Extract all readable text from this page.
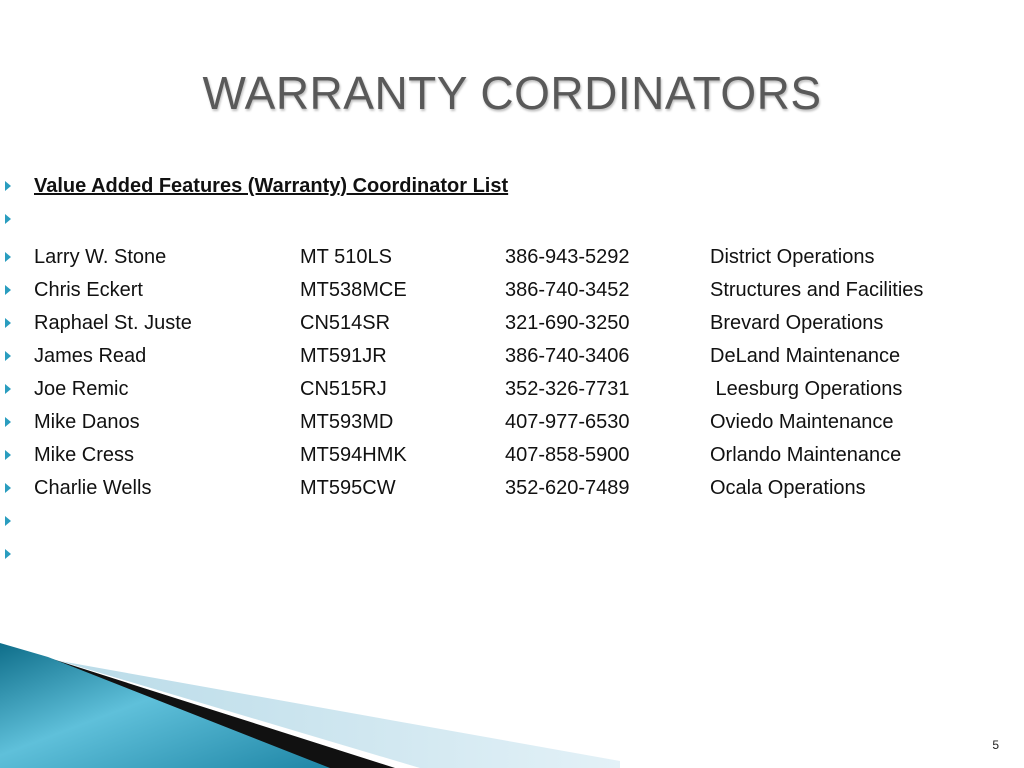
WARRANTY CORDINATORS
Value Added Features (Warranty) Coordinator List
Larry W. Stone	MT 510LS	386-943-5292	District Operations
Chris Eckert	MT538MCE	386-740-3452	Structures and Facilities
Raphael St. Juste	CN514SR	321-690-3250	Brevard Operations
James Read	MT591JR	386-740-3406	DeLand Maintenance
Joe Remic	CN515RJ	352-326-7731	Leesburg Operations
Mike Danos	MT593MD	407-977-6530	Oviedo Maintenance
Mike Cress	MT594HMK	407-858-5900	Orlando Maintenance
Charlie Wells	MT595CW	352-620-7489	Ocala Operations
5
